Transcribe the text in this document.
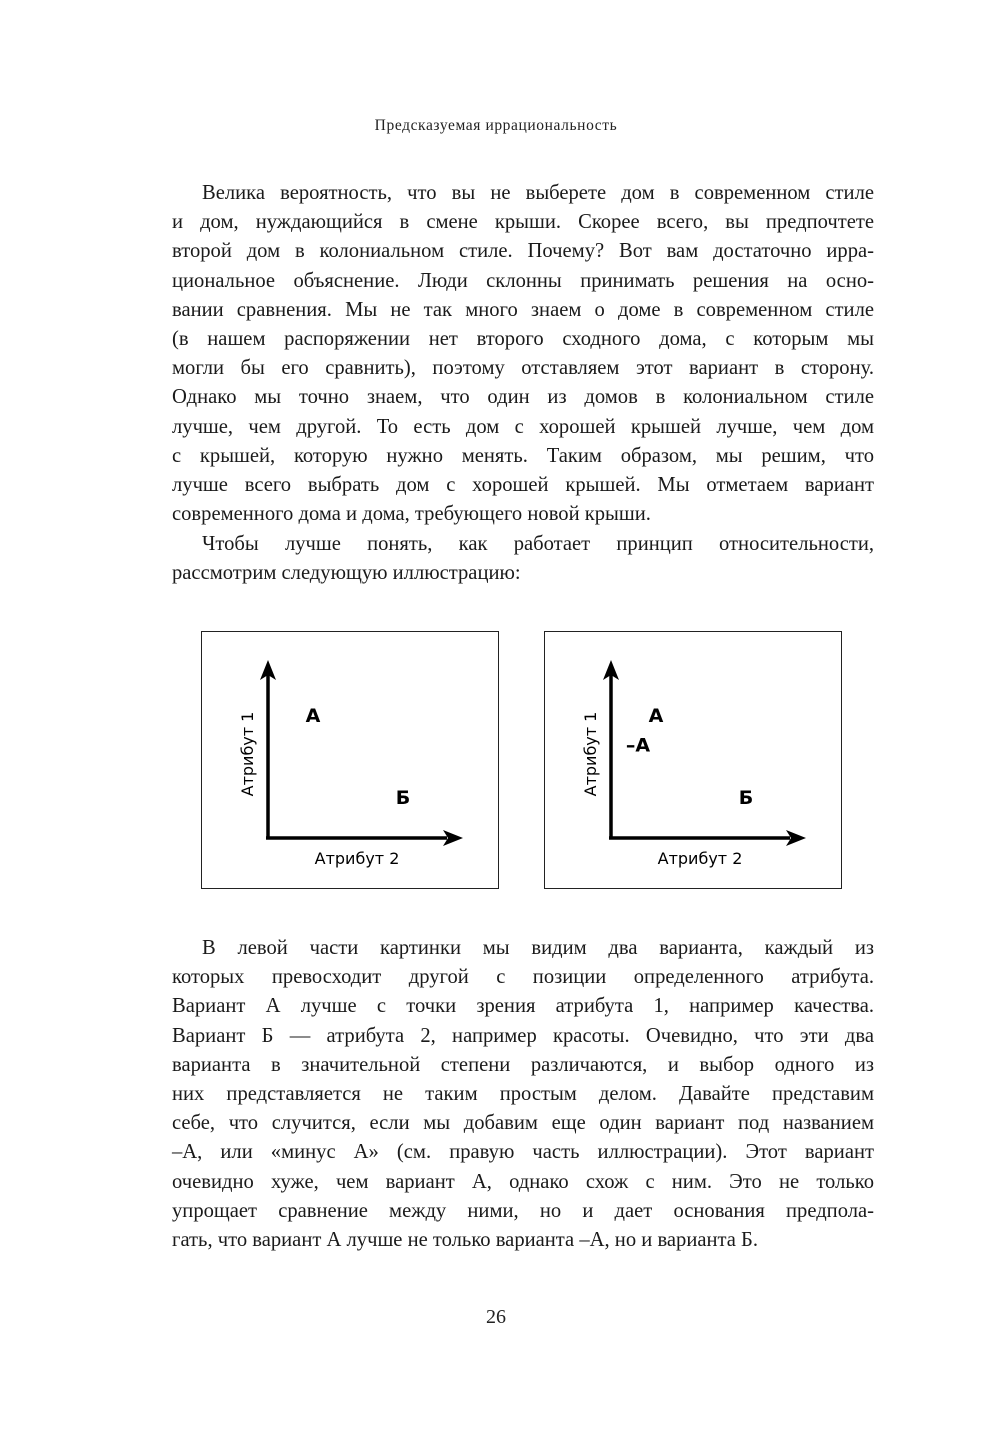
Предсказуемая иррациональность
Велика вероятность, что вы не выберете дом в современном стиле
и дом, нуждающийся в смене крыши. Скорее всего, вы предпочтете
второй дом в колониальном стиле. Почему? Вот вам достаточно ирра-
циональное объяснение. Люди склонны принимать решения на осно-
вании сравнения. Мы не так много знаем о доме в современном стиле
(в нашем распоряжении нет второго сходного дома, с которым мы
могли бы его сравнить), поэтому отставляем этот вариант в сторону.
Однако мы точно знаем, что один из домов в колониальном стиле
лучше, чем другой. То есть дом с хорошей крышей лучше, чем дом
с крышей, которую нужно менять. Таким образом, мы решим, что
лучше всего выбрать дом с хорошей крышей. Мы отметаем вариант
современного дома и дома, требующего новой крыши.
Чтобы лучше понять, как работает принцип относительности,
рассмотрим следующую иллюстрацию:
Атрибут 1
Атрибут 2
А
Б
Атрибут 1
Атрибут 2
А
–А
Б
В левой части картинки мы видим два варианта, каждый из
которых превосходит другой с позиции определенного атрибута.
Вариант А лучше с точки зрения атрибута 1, например качества.
Вариант Б — атрибута 2, например красоты. Очевидно, что эти два
варианта в значительной степени различаются, и выбор одного из
них представляется не таким простым делом. Давайте представим
себе, что случится, если мы добавим еще один вариант под названием
–А, или «минус А» (см. правую часть иллюстрации). Этот вариант
очевидно хуже, чем вариант А, однако схож с ним. Это не только
упрощает сравнение между ними, но и дает основания предпола-
гать, что вариант А лучше не только варианта –А, но и варианта Б.
26
